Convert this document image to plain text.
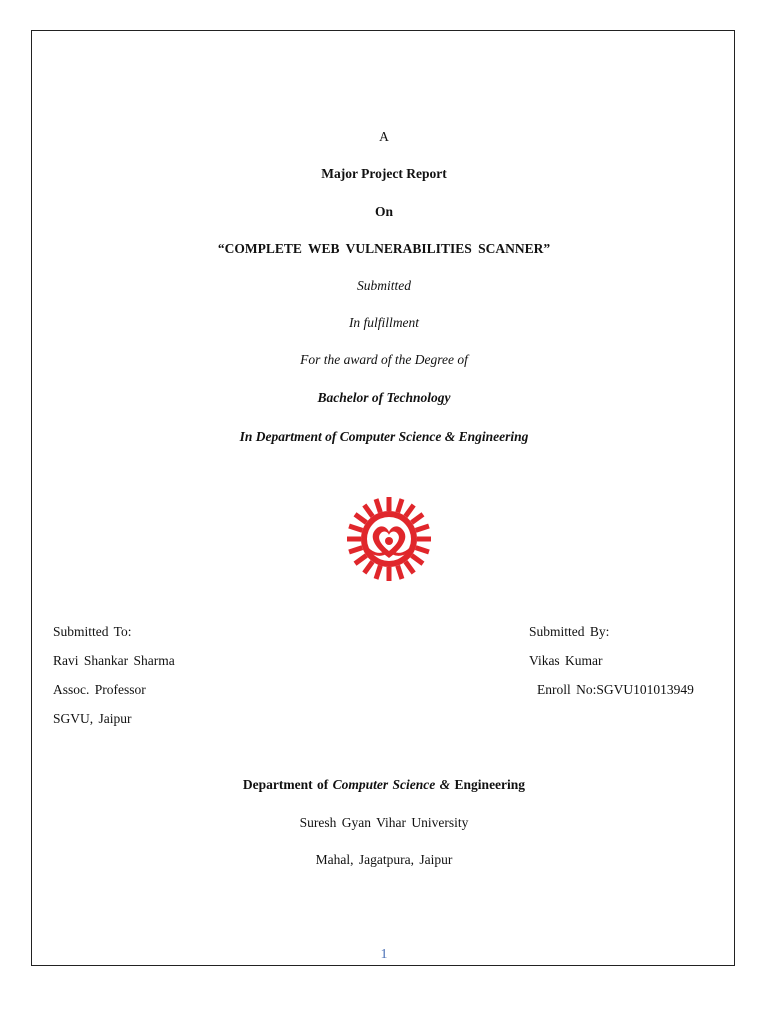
A
Major Project Report
On
“COMPLETE WEB VULNERABILITIES SCANNER”
Submitted
In fulfillment
For the award of the Degree of
Bachelor of Technology
In Department of Computer Science & Engineering
Submitted To:
Ravi Shankar Sharma
Assoc. Professor
SGVU, Jaipur
Submitted By:
Vikas Kumar
Enroll No:SGVU101013949
Department of Computer Science & Engineering
Suresh Gyan Vihar University
Mahal, Jagatpura, Jaipur
1
